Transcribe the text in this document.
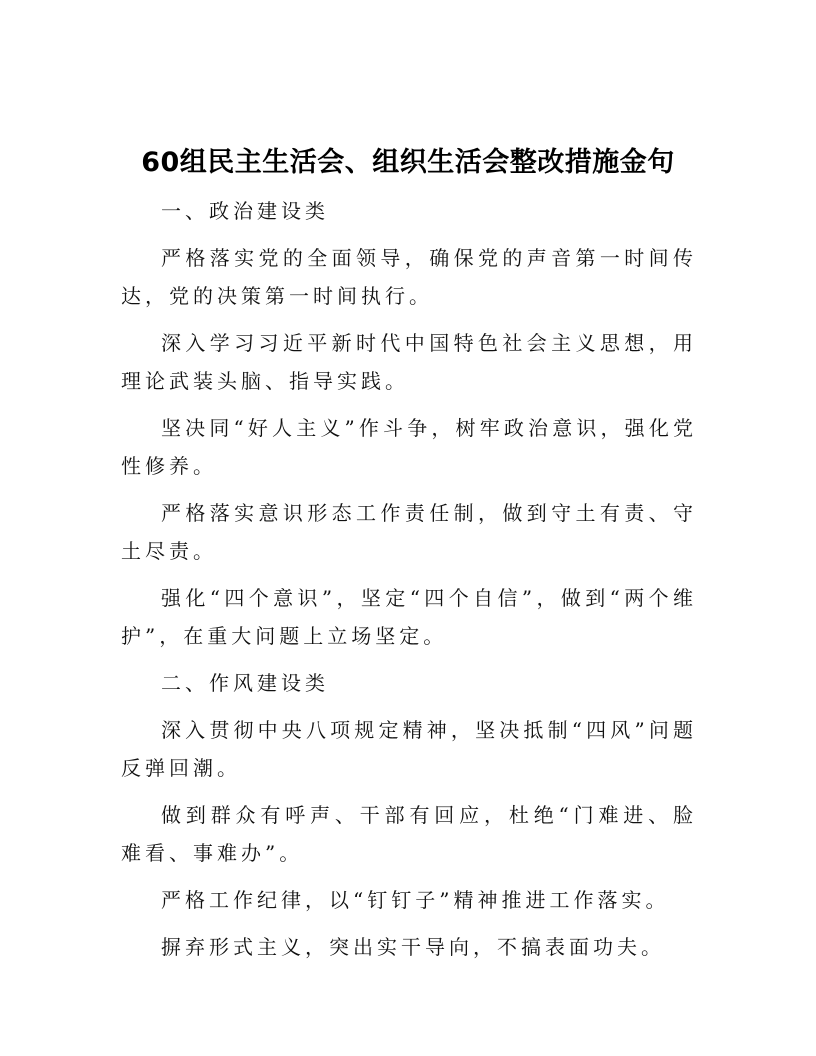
60组民主生活会、组织生活会整改措施金句

一、政治建设类

严格落实党的全面领导，确保党的声音第一时间传达，党的决策第一时间执行。

深入学习习近平新时代中国特色社会主义思想，用理论武装头脑、指导实践。

坚决同“好人主义”作斗争，树牢政治意识，强化党性修养。

严格落实意识形态工作责任制，做到守土有责、守土尽责。

强化“四个意识”，坚定“四个自信”，做到“两个维护”，在重大问题上立场坚定。

二、作风建设类

深入贯彻中央八项规定精神，坚决抵制“四风”问题反弹回潮。

做到群众有呼声、干部有回应，杜绝“门难进、脸难看、事难办”。

严格工作纪律，以“钉钉子”精神推进工作落实。

摒弃形式主义，突出实干导向，不搞表面功夫。
